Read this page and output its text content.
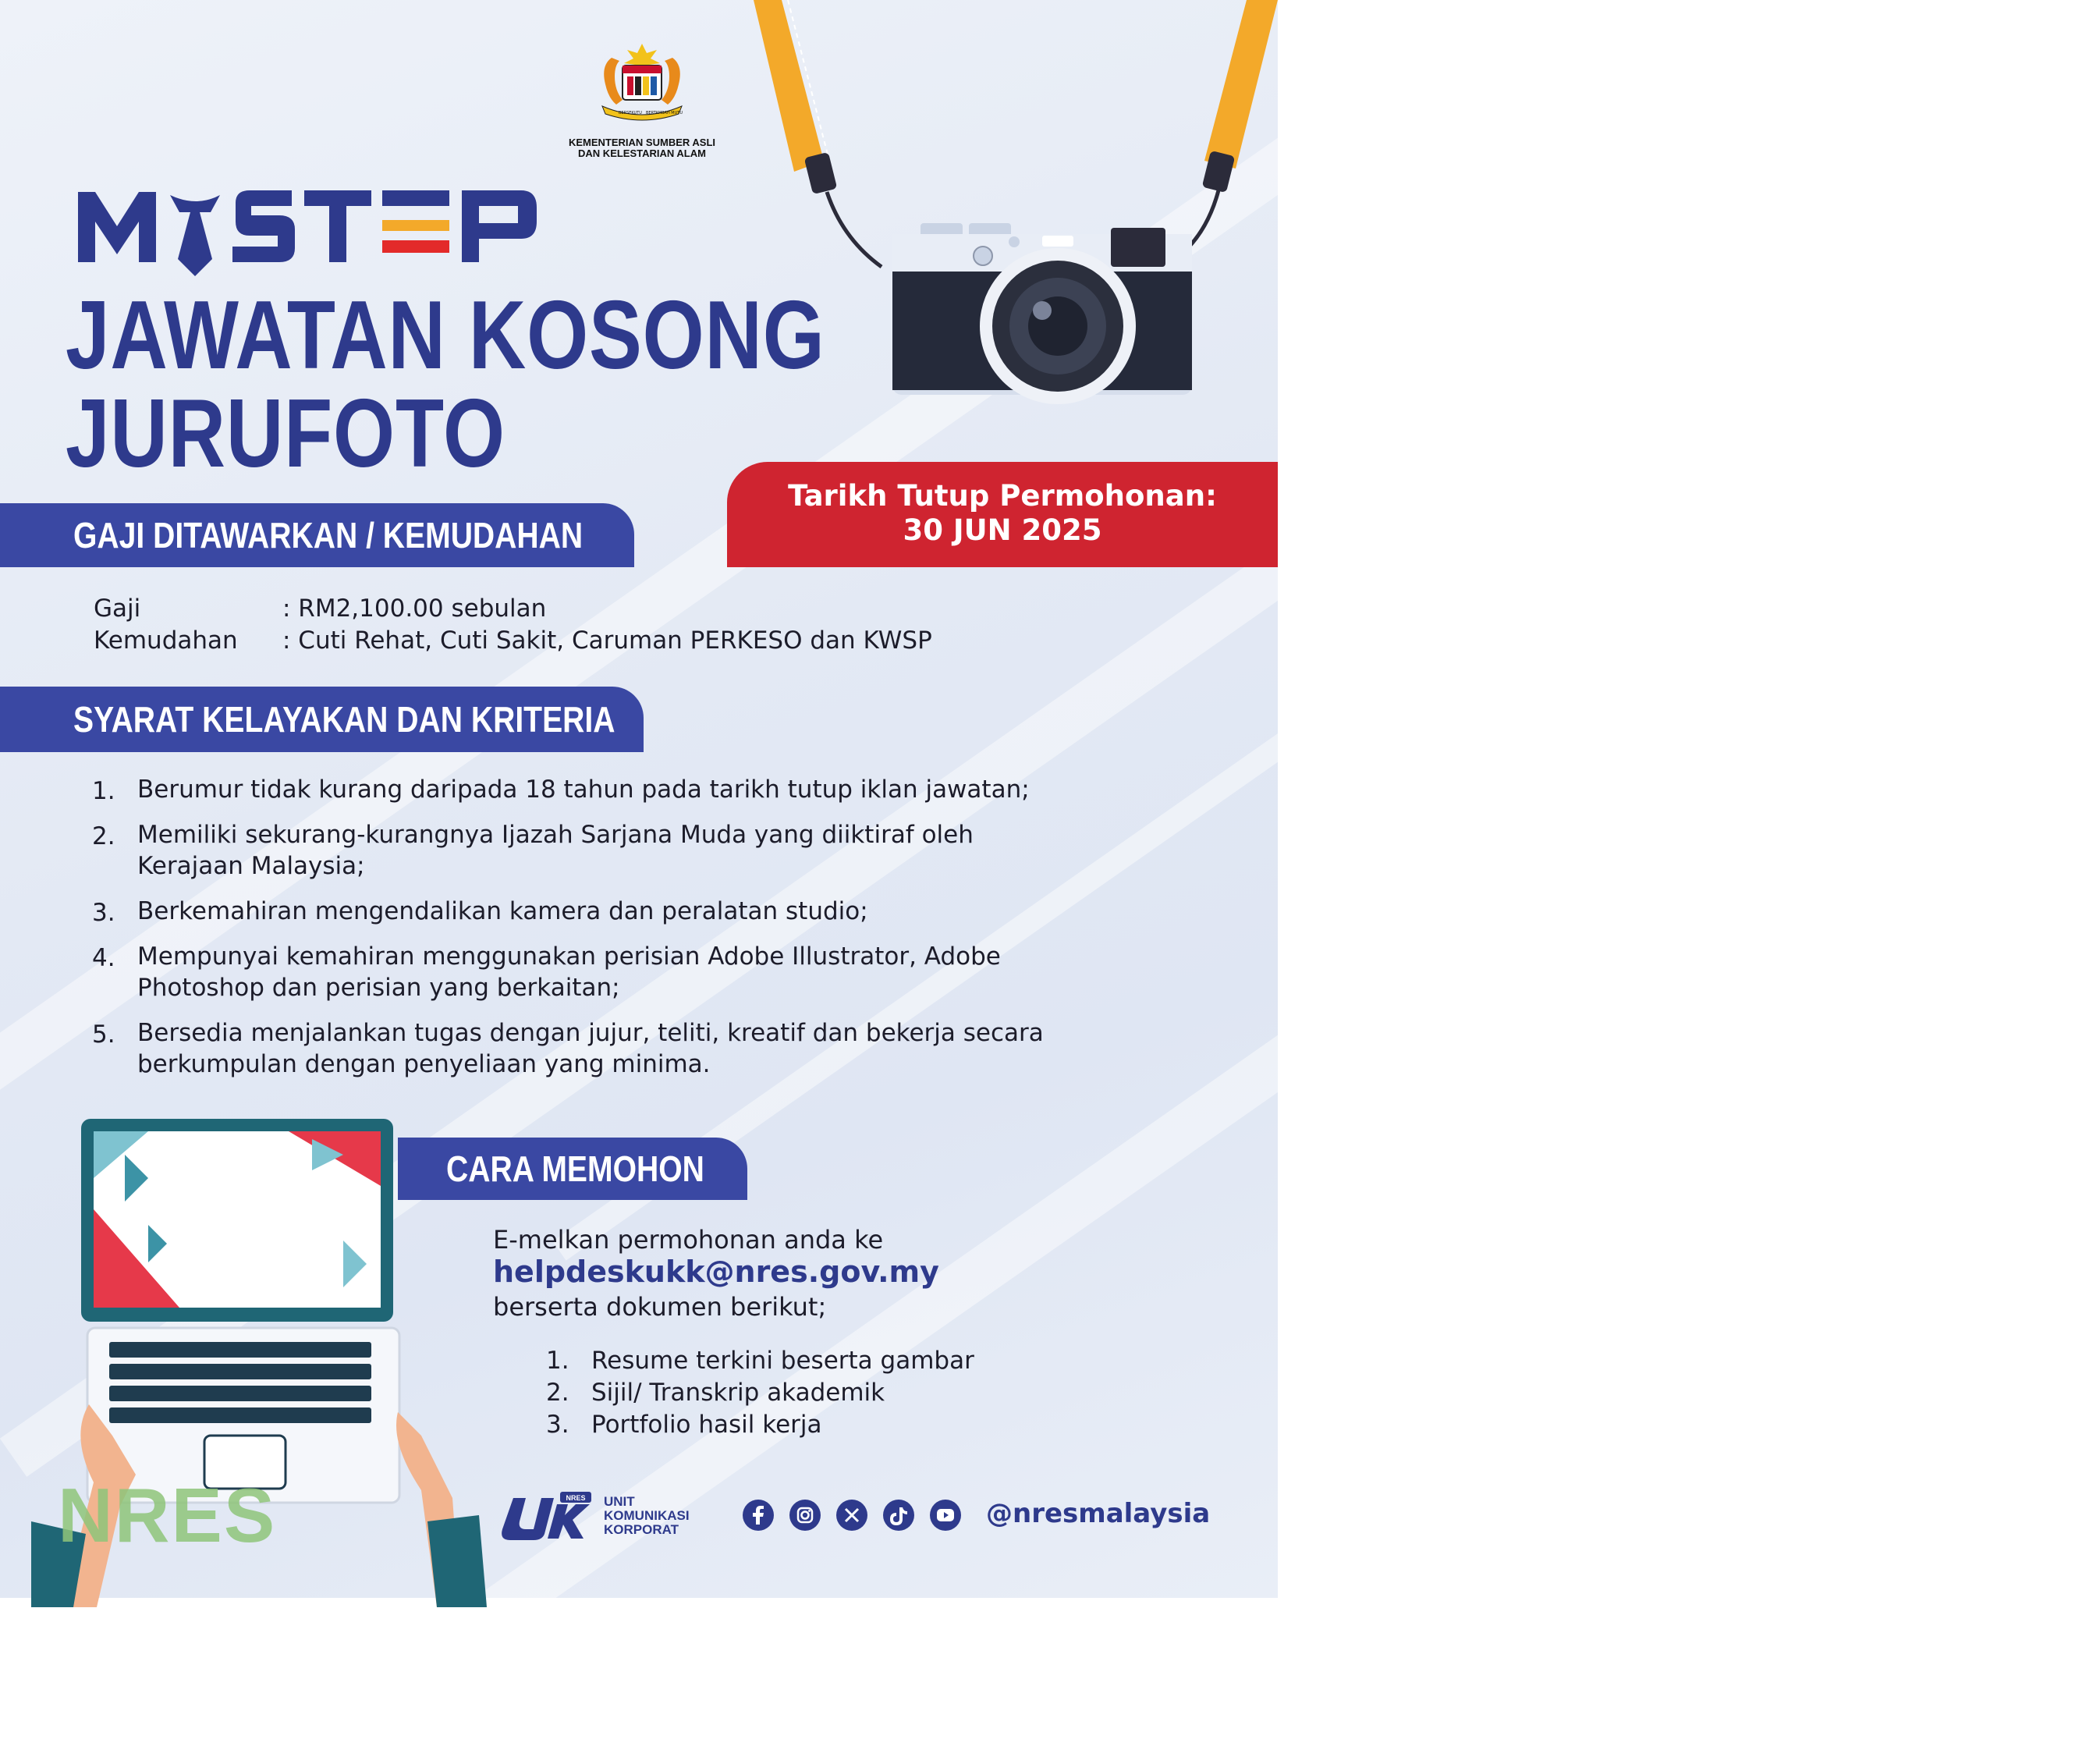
BERSEKUTU BERTAMBAH MUTU
KEMENTERIAN SUMBER ASLI
DAN KELESTARIAN ALAM
MYSTEP
JAWATAN KOSONG
JURUFOTO
Tarikh Tutup Permohonan:
30 JUN 2025
GAJI DITAWARKAN / KEMUDAHAN
Gaji	: RM2,100.00 sebulan
Kemudahan : Cuti Rehat, Cuti Sakit, Caruman PERKESO dan KWSP
SYARAT KELAYAKAN DAN KRITERIA
1. Berumur tidak kurang daripada 18 tahun pada tarikh tutup iklan jawatan;
2. Memiliki sekurang-kurangnya Ijazah Sarjana Muda yang diiktiraf oleh
Kerajaan Malaysia;
3. Berkemahiran mengendalikan kamera dan peralatan studio;
4. Mempunyai kemahiran menggunakan perisian Adobe Illustrator, Adobe
Photoshop dan perisian yang berkaitan;
5. Bersedia menjalankan tugas dengan jujur, teliti, kreatif dan bekerja secara
berkumpulan dengan penyeliaan yang minima.
NRES
CARA MEMOHON
E-melkan permohonan anda ke
helpdeskukk@nres.gov.my
berserta dokumen berikut;
1. Resume terkini beserta gambar
2. Sijil/ Transkrip akademik
3. Portfolio hasil kerja
NRES UNIT
KOMUNIKASI
KORPORAT
@nresmalaysia
